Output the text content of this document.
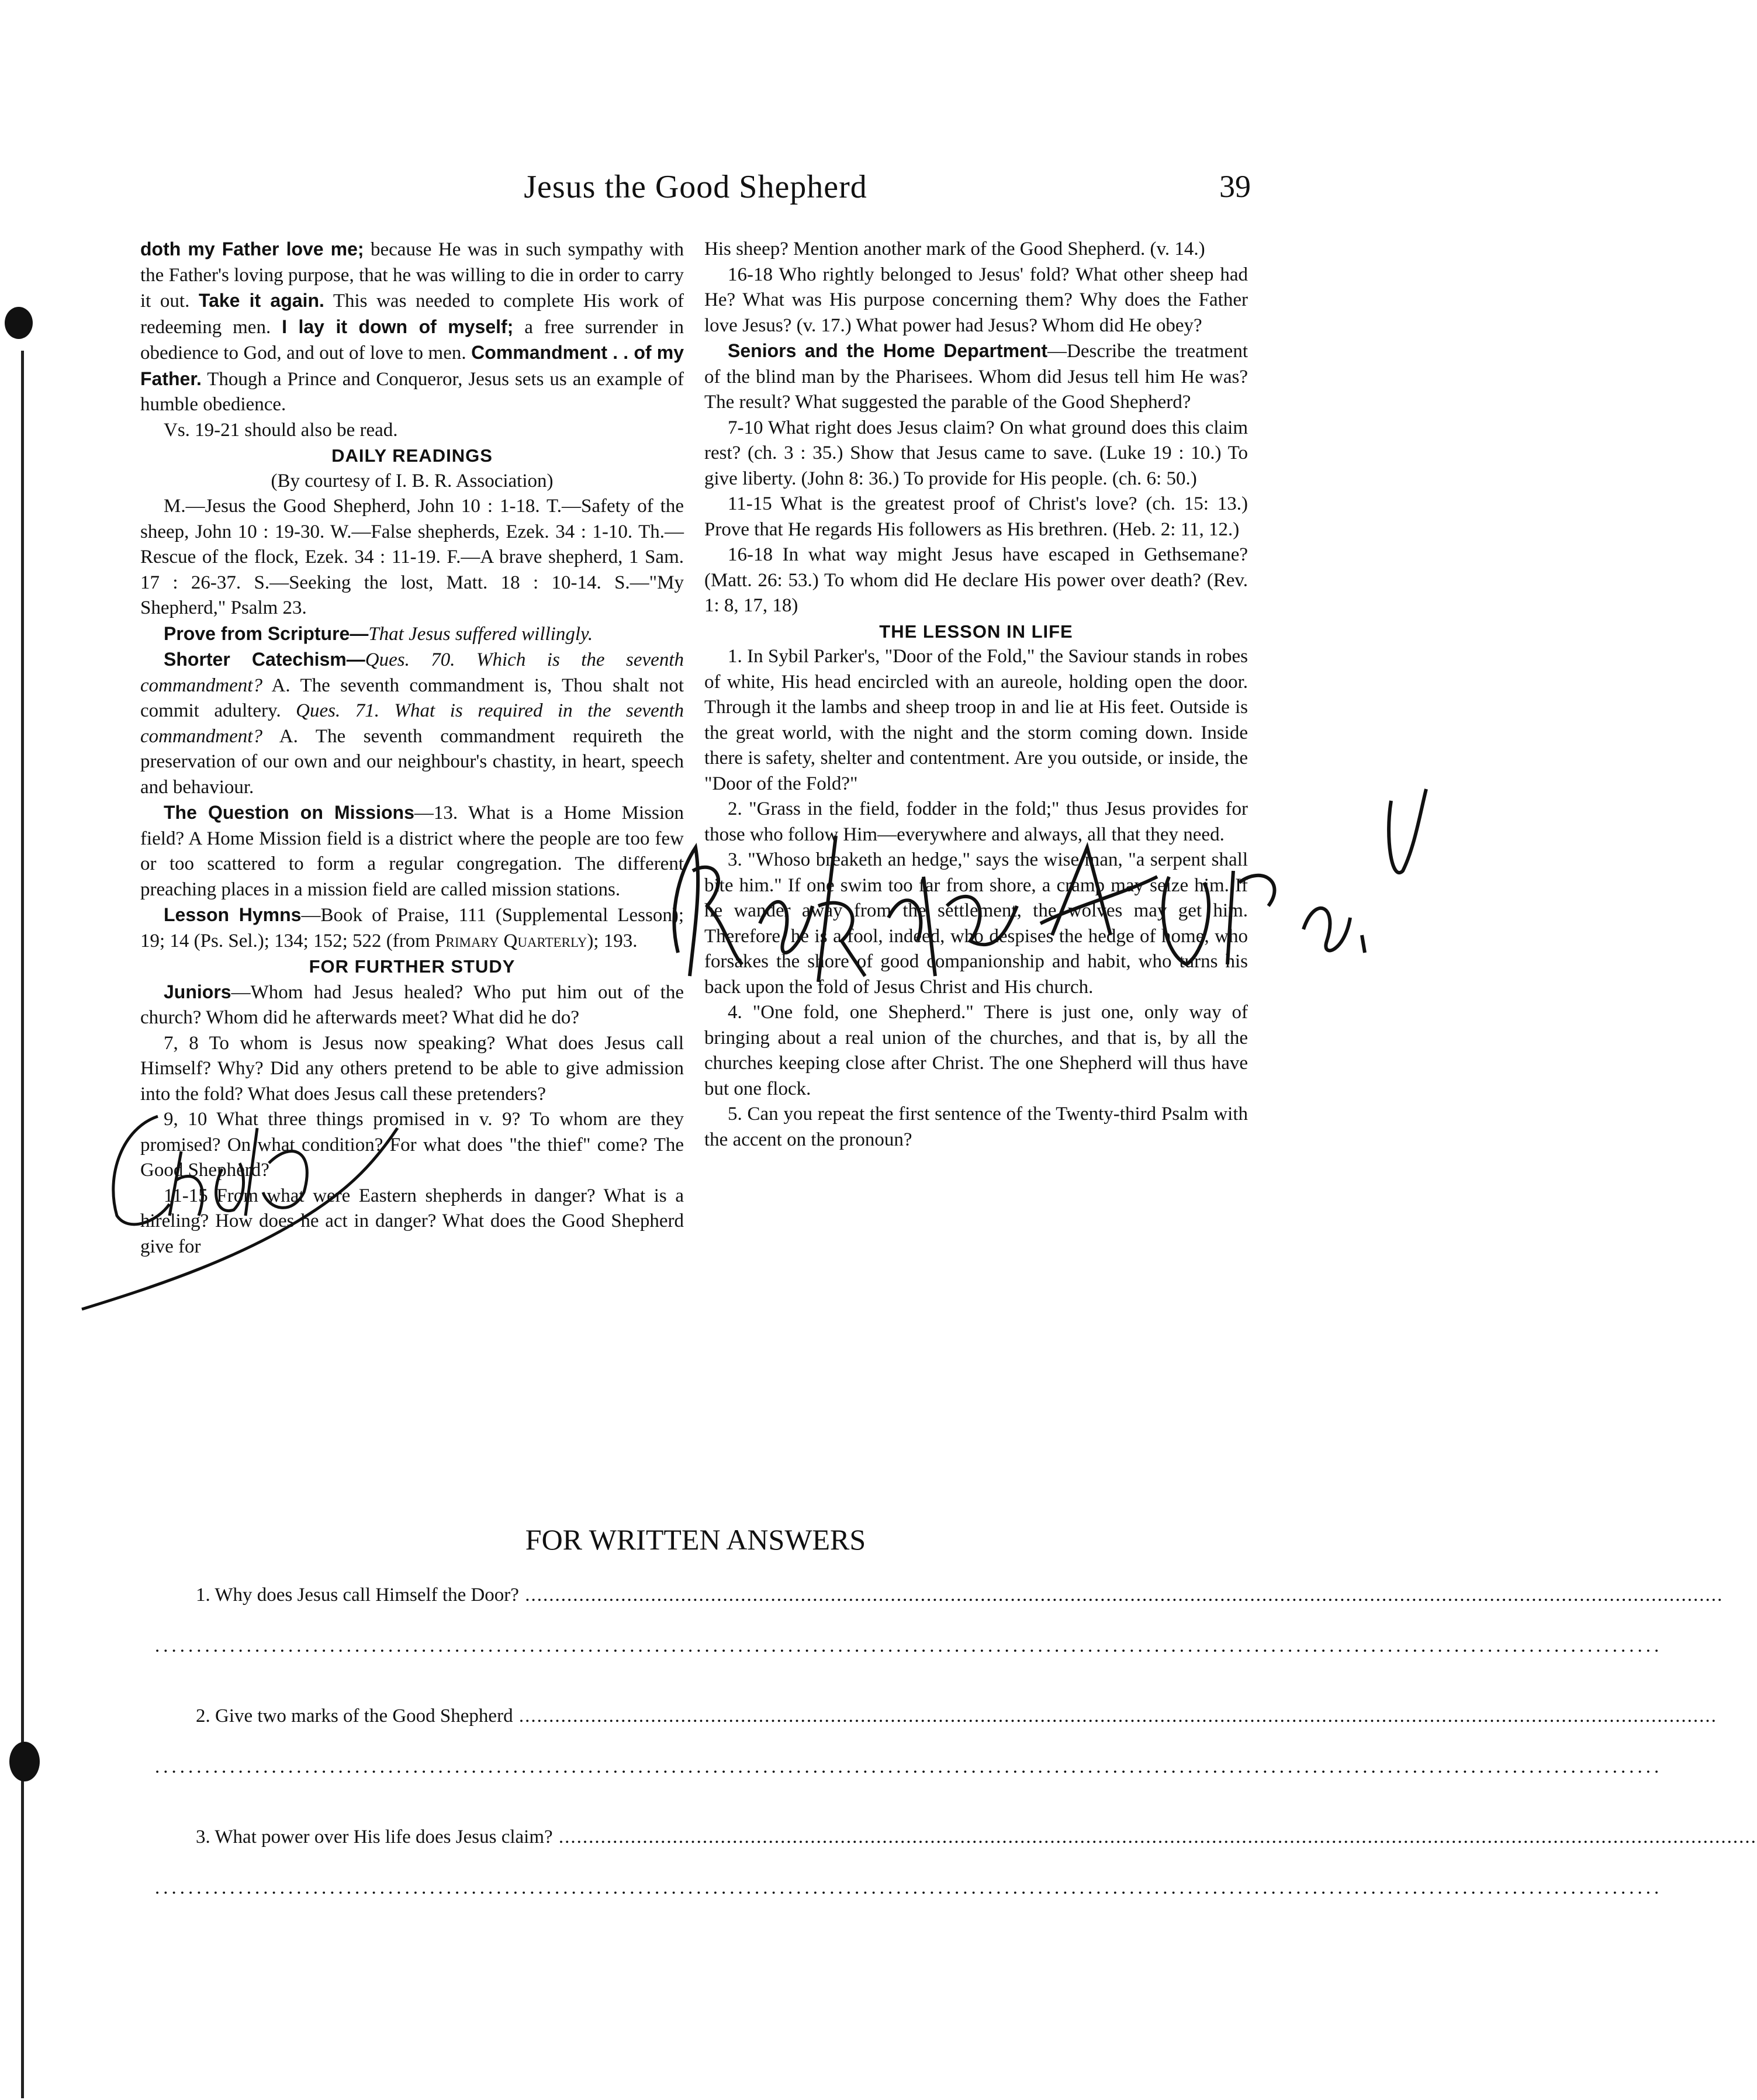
Jesus the Good Shepherd	39

doth my Father love me; because He was in such sympathy with the Father's loving purpose, that he was willing to die in order to carry it out. Take it again. This was needed to complete His work of redeeming men. I lay it down of myself; a free surrender in obedience to God, and out of love to men. Commandment . . of my Father. Though a Prince and Conqueror, Jesus sets us an example of humble obedience.

Vs. 19-21 should also be read.

DAILY READINGS

(By courtesy of I. B. R. Association)

M.—Jesus the Good Shepherd, John 10 : 1-18. T.—Safety of the sheep, John 10 : 19-30. W.—False shepherds, Ezek. 34 : 1-10. Th.—Rescue of the flock, Ezek. 34 : 11-19. F.—A brave shepherd, 1 Sam. 17 : 26-37. S.—Seeking the lost, Matt. 18 : 10-14. S.—"My Shepherd," Psalm 23.

Prove from Scripture—That Jesus suffered willingly.

Shorter Catechism—Ques. 70. Which is the seventh commandment? A. The seventh commandment is, Thou shalt not commit adultery. Ques. 71. What is required in the seventh commandment? A. The seventh commandment requireth the preservation of our own and our neighbour's chastity, in heart, speech and behaviour.

The Question on Missions—13. What is a Home Mission field? A Home Mission field is a district where the people are too few or too scattered to form a regular congregation. The different preaching places in a mission field are called mission stations.

Lesson Hymns—Book of Praise, 111 (Supplemental Lesson); 19; 14 (Ps. Sel.); 134; 152; 522 (from Primary Quarterly); 193.

FOR FURTHER STUDY

Juniors—Whom had Jesus healed? Who put him out of the church? Whom did he afterwards meet? What did he do?

7, 8 To whom is Jesus now speaking? What does Jesus call Himself? Why? Did any others pretend to be able to give admission into the fold? What does Jesus call these pretenders?

9, 10 What three things promised in v. 9? To whom are they promised? On what condition? For what does "the thief" come? The Good Shepherd?

11-15 From what were Eastern shepherds in danger? What is a hireling? How does he act in danger? What does the Good Shepherd give for

His sheep? Mention another mark of the Good Shepherd. (v. 14.)

16-18 Who rightly belonged to Jesus' fold? What other sheep had He? What was His purpose concerning them? Why does the Father love Jesus? (v. 17.) What power had Jesus? Whom did He obey?

Seniors and the Home Department—Describe the treatment of the blind man by the Pharisees. Whom did Jesus tell him He was? The result? What suggested the parable of the Good Shepherd?

7-10 What right does Jesus claim? On what ground does this claim rest? (ch. 3 : 35.) Show that Jesus came to save. (Luke 19 : 10.) To give liberty. (John 8: 36.) To provide for His people. (ch. 6: 50.)

11-15 What is the greatest proof of Christ's love? (ch. 15: 13.) Prove that He regards His followers as His brethren. (Heb. 2: 11, 12.)

16-18 In what way might Jesus have escaped in Gethsemane? (Matt. 26: 53.) To whom did He declare His power over death? (Rev. 1: 8, 17, 18)

THE LESSON IN LIFE

1. In Sybil Parker's, "Door of the Fold," the Saviour stands in robes of white, His head encircled with an aureole, holding open the door. Through it the lambs and sheep troop in and lie at His feet. Outside is the great world, with the night and the storm coming down. Inside there is safety, shelter and contentment. Are you outside, or inside, the "Door of the Fold?"

2. "Grass in the field, fodder in the fold;" thus Jesus provides for those who follow Him—everywhere and always, all that they need.

3. "Whoso breaketh an hedge," says the wise man, "a serpent shall bite him." If one swim too far from shore, a cramp may seize him. If he wander away from the settlement, the wolves may get him. Therefore, he is a fool, indeed, who despises the hedge of home, who forsakes the shore of good companionship and habit, who turns his back upon the fold of Jesus Christ and His church.

4. "One fold, one Shepherd." There is just one, only way of bringing about a real union of the churches, and that is, by all the churches keeping close after Christ. The one Shepherd will thus have but one flock.

5. Can you repeat the first sentence of the Twenty-third Psalm with the accent on the pronoun?

FOR WRITTEN ANSWERS
1. Why does Jesus call Himself the Door? .....
.....................................................................................................................................................................................
2. Give two marks of the Good Shepherd .....
.....................................................................................................................................................................................
3. What power over His life does Jesus claim? .....
.....................................................................................................................................................................................
